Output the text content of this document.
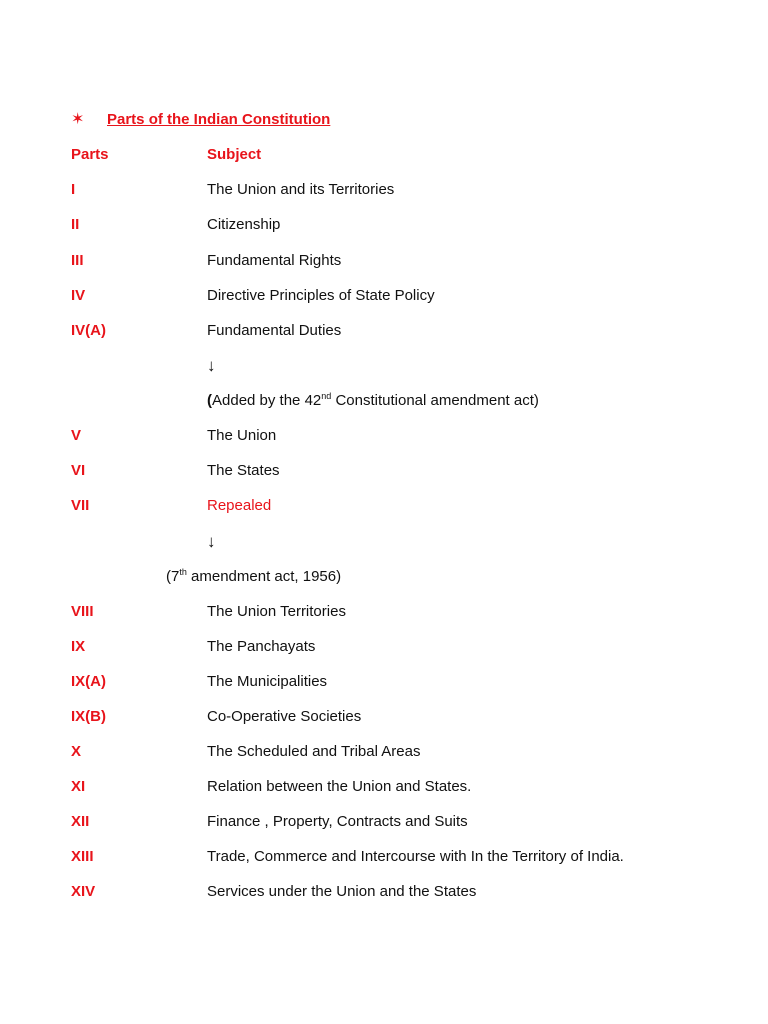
✶ Parts of the Indian Constitution
Parts	Subject
I	The Union and its Territories
II	Citizenship
III	Fundamental Rights
IV	Directive Principles of State Policy
IV(A)	Fundamental Duties
↓
(Added by the 42nd Constitutional amendment act)
V	The Union
VI	The States
VII	Repealed
↓
(7th amendment act, 1956)
VIII	The Union Territories
IX	The Panchayats
IX(A)	The Municipalities
IX(B)	Co-Operative Societies
X	The Scheduled and Tribal Areas
XI	Relation between the Union and States.
XII	Finance , Property, Contracts and Suits
XIII	Trade, Commerce and Intercourse with In the Territory of India.
XIV	Services under the Union and the States
